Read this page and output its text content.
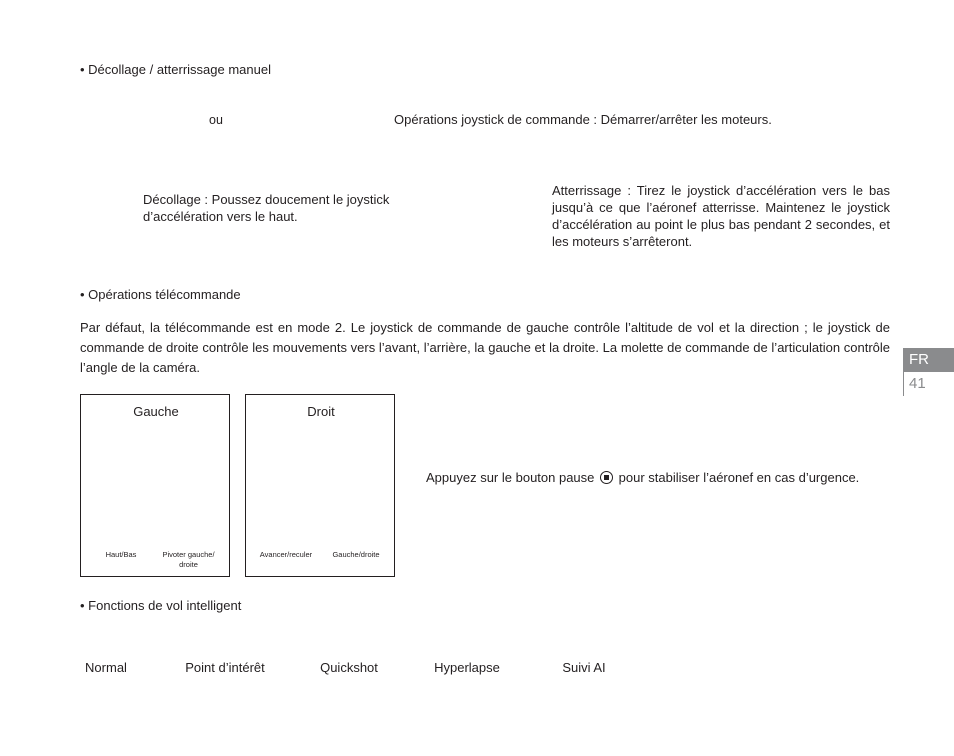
• Décollage / atterrissage manuel
ou	Opérations joystick de commande : Démarrer/arrêter les moteurs.
Décollage : Poussez doucement le joystick d’accélération vers le haut.
Atterrissage : Tirez le joystick d’accélération vers le bas jusqu’à ce que l’aéronef atterrisse. Maintenez le joystick d’accélération au point le plus bas pendant 2 secondes, et les moteurs s’arrêteront.
• Opérations télécommande
Par défaut, la télécommande est en mode 2. Le joystick de commande de gauche contrôle l’altitude de vol et la direction ; le joystick de commande de droite contrôle les mouvements vers l’avant, l’arrière, la gauche et la droite. La molette de commande de l’articulation contrôle l’angle de la caméra.
Gauche
Haut/Bas	Pivoter gauche/ droite
Droit
Avancer/reculer	Gauche/droite
Appuyez sur le bouton pause pour stabiliser l’aéronef en cas d’urgence.
FR
41
• Fonctions de vol intelligent
Normal	Point d’intérêt	Quickshot	Hyperlapse	Suivi AI
